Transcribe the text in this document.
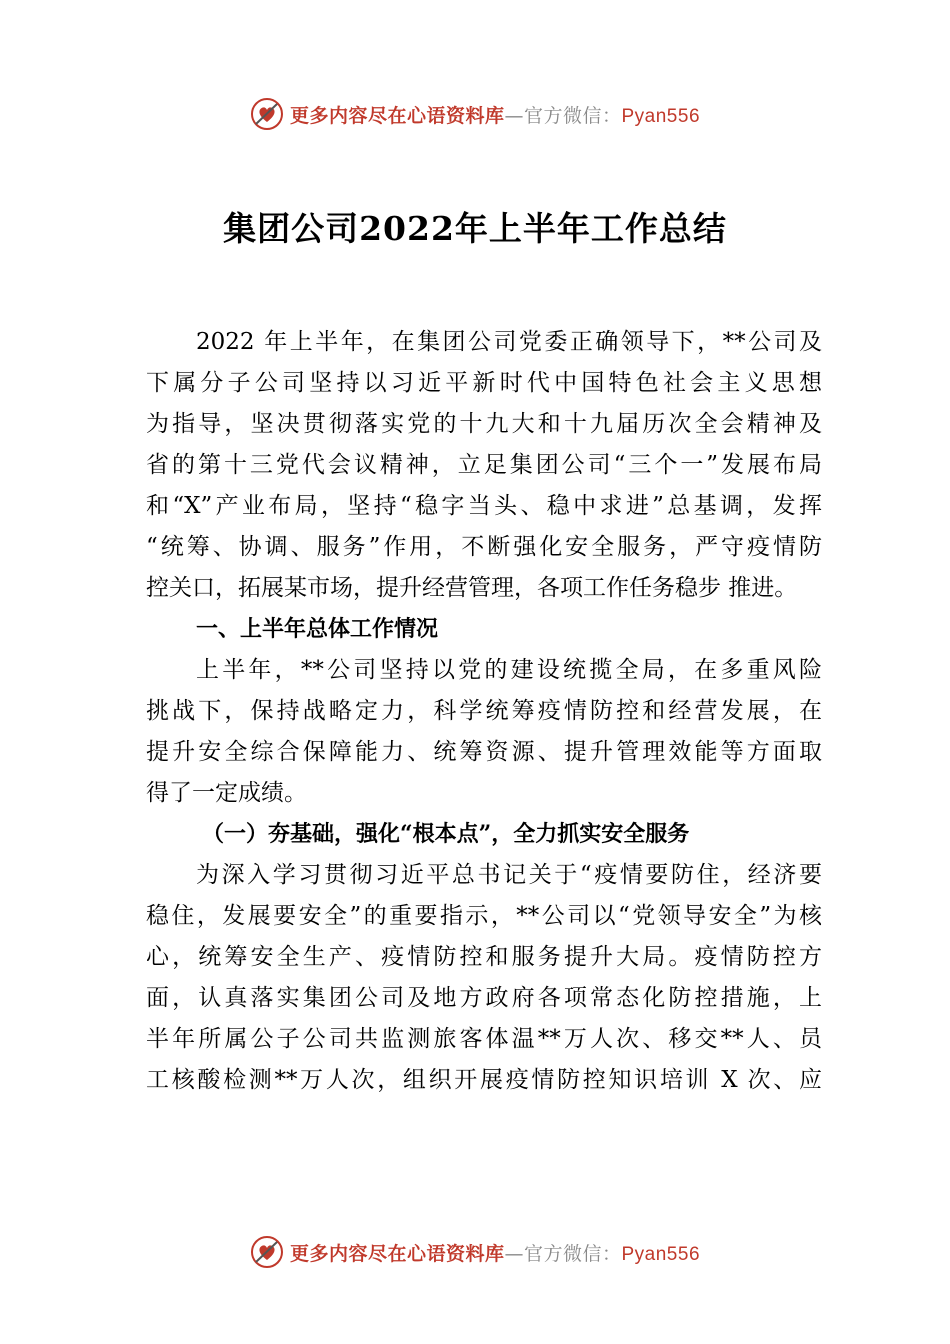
更多内容尽在心语资料库—官方微信：Pyan556
集团公司2022年上半年工作总结
2022 年上半年，在集团公司党委正确领导下，**公司及
下属分子公司坚持以习近平新时代中国特色社会主义思想
为指导，坚决贯彻落实党的十九大和十九届历次全会精神及
省的第十三党代会议精神，立足集团公司“三个一”发展布局
和“X”产业布局，坚持“稳字当头、稳中求进”总基调，发挥
“统筹、协调、服务”作用，不断强化安全服务，严守疫情防
控关口，拓展某市场，提升经营管理，各项工作任务稳步 推进。
一、上半年总体工作情况
上半年，**公司坚持以党的建设统揽全局，在多重风险
挑战下，保持战略定力，科学统筹疫情防控和经营发展，在
提升安全综合保障能力、统筹资源、提升管理效能等方面取
得了一定成绩。
（一）夯基础，强化“根本点”，全力抓实安全服务
为深入学习贯彻习近平总书记关于“疫情要防住，经济要
稳住，发展要安全”的重要指示，**公司以“党领导安全”为核
心，统筹安全生产、疫情防控和服务提升大局。疫情防控方
面，认真落实集团公司及地方政府各项常态化防控措施，上
半年所属公子公司共监测旅客体温**万人次、移交**人、员
工核酸检测**万人次，组织开展疫情防控知识培训 X 次、应
更多内容尽在心语资料库—官方微信：Pyan556
